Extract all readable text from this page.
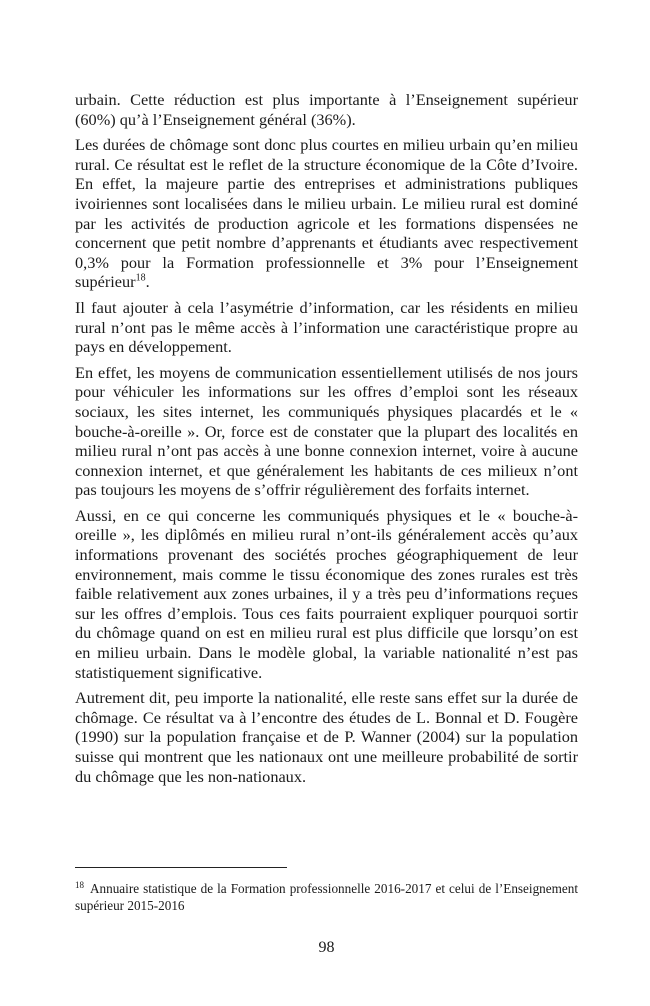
urbain. Cette réduction est plus importante à l’Enseignement supérieur (60%) qu’à l’Enseignement général (36%).

Les durées de chômage sont donc plus courtes en milieu urbain qu’en milieu rural. Ce résultat est le reflet de la structure économique de la Côte d’Ivoire. En effet, la majeure partie des entreprises et administrations publiques ivoiriennes sont localisées dans le milieu urbain. Le milieu rural est dominé par les activités de production agricole et les formations dispensées ne concernent que petit nombre d’apprenants et étudiants avec respectivement 0,3% pour la Formation professionnelle et 3% pour l’Enseignement supérieur$^{18}$.

Il faut ajouter à cela l’asymétrie d’information, car les résidents en milieu rural n’ont pas le même accès à l’information une caractéristique propre au pays en développement.

En effet, les moyens de communication essentiellement utilisés de nos jours pour véhiculer les informations sur les offres d’emploi sont les réseaux sociaux, les sites internet, les communiqués physiques placardés et le « bouche-à-oreille ». Or, force est de constater que la plupart des localités en milieu rural n’ont pas accès à une bonne connexion internet, voire à aucune connexion internet, et que généralement les habitants de ces milieux n’ont pas toujours les moyens de s’offrir régulièrement des forfaits internet.

Aussi, en ce qui concerne les communiqués physiques et le « bouche-à-oreille », les diplômés en milieu rural n’ont-ils généralement accès qu’aux informations provenant des sociétés proches géographiquement de leur environnement, mais comme le tissu économique des zones rurales est très faible relativement aux zones urbaines, il y a très peu d’informations reçues sur les offres d’emplois. Tous ces faits pourraient expliquer pourquoi sortir du chômage quand on est en milieu rural est plus difficile que lorsqu’on est en milieu urbain. Dans le modèle global, la variable nationalité n’est pas statistiquement significative.

Autrement dit, peu importe la nationalité, elle reste sans effet sur la durée de chômage. Ce résultat va à l’encontre des études de L. Bonnal et D. Fougère (1990) sur la population française et de P. Wanner (2004) sur la population suisse qui montrent que les nationaux ont une meilleure probabilité de sortir du chômage que les non-nationaux.

$^{18}$ Annuaire statistique de la Formation professionnelle 2016-2017 et celui de l’Enseignement supérieur 2015-2016

98
